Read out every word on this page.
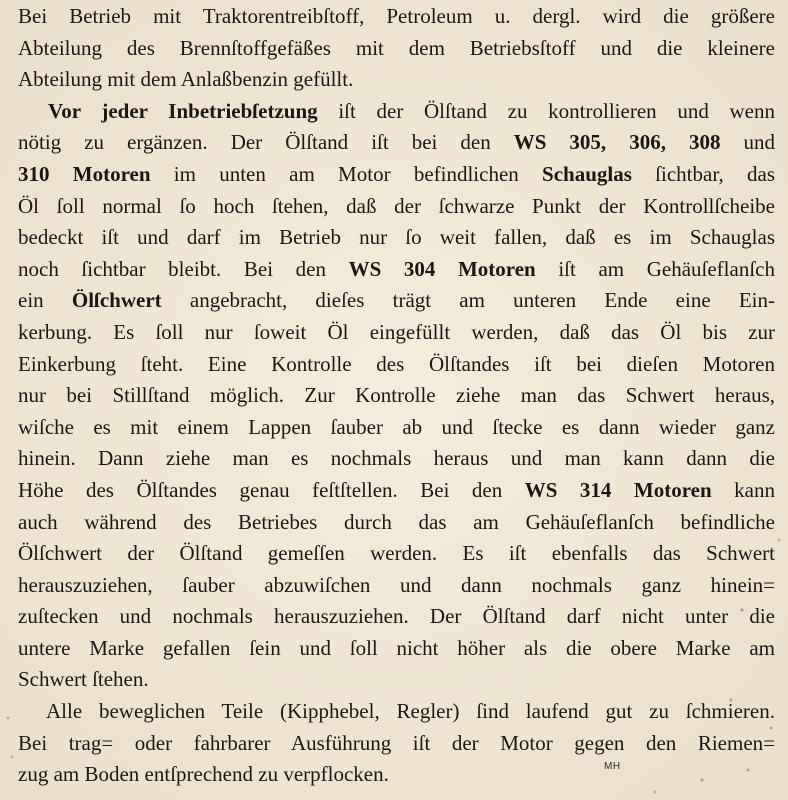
Bei Betrieb mit Traktorentreibſtoff, Petroleum u. dergl. wird die größere
Abteilung des Brennſtoffgefäßes mit dem Betriebsſtoff und die kleinere
Abteilung mit dem Anlaßbenzin gefüllt.
Vor jeder Inbetriebſetzung iſt der Ölſtand zu kontrollieren und wenn
nötig zu ergänzen. Der Ölſtand iſt bei den WS 305, 306, 308 und
310 Motoren im unten am Motor befindlichen Schauglas ſichtbar, das
Öl ſoll normal ſo hoch ſtehen, daß der ſchwarze Punkt der Kontrollſcheibe
bedeckt iſt und darf im Betrieb nur ſo weit fallen, daß es im Schauglas
noch ſichtbar bleibt. Bei den WS 304 Motoren iſt am Gehäuſeflanſch
ein Ölſchwert angebracht, dieſes trägt am unteren Ende eine Ein-
kerbung. Es ſoll nur ſoweit Öl eingefüllt werden, daß das Öl bis zur
Einkerbung ſteht. Eine Kontrolle des Ölſtandes iſt bei dieſen Motoren
nur bei Stillſtand möglich. Zur Kontrolle ziehe man das Schwert heraus,
wiſche es mit einem Lappen ſauber ab und ſtecke es dann wieder ganz
hinein. Dann ziehe man es nochmals heraus und man kann dann die
Höhe des Ölſtandes genau feſtſtellen. Bei den WS 314 Motoren kann
auch während des Betriebes durch das am Gehäuſeflanſch befindliche
Ölſchwert der Ölſtand gemeſſen werden. Es iſt ebenfalls das Schwert
herauszuziehen, ſauber abzuwiſchen und dann nochmals ganz hinein=
zuſtecken und nochmals herauszuziehen. Der Ölſtand darf nicht unter die
untere Marke gefallen ſein und ſoll nicht höher als die obere Marke am
Schwert ſtehen.
Alle beweglichen Teile (Kipphebel, Regler) ſind laufend gut zu ſchmieren.
Bei trag= oder fahrbarer Ausführung iſt der Motor gegen den Riemen=
zug am Boden entſprechend zu verpflocken.	MH
